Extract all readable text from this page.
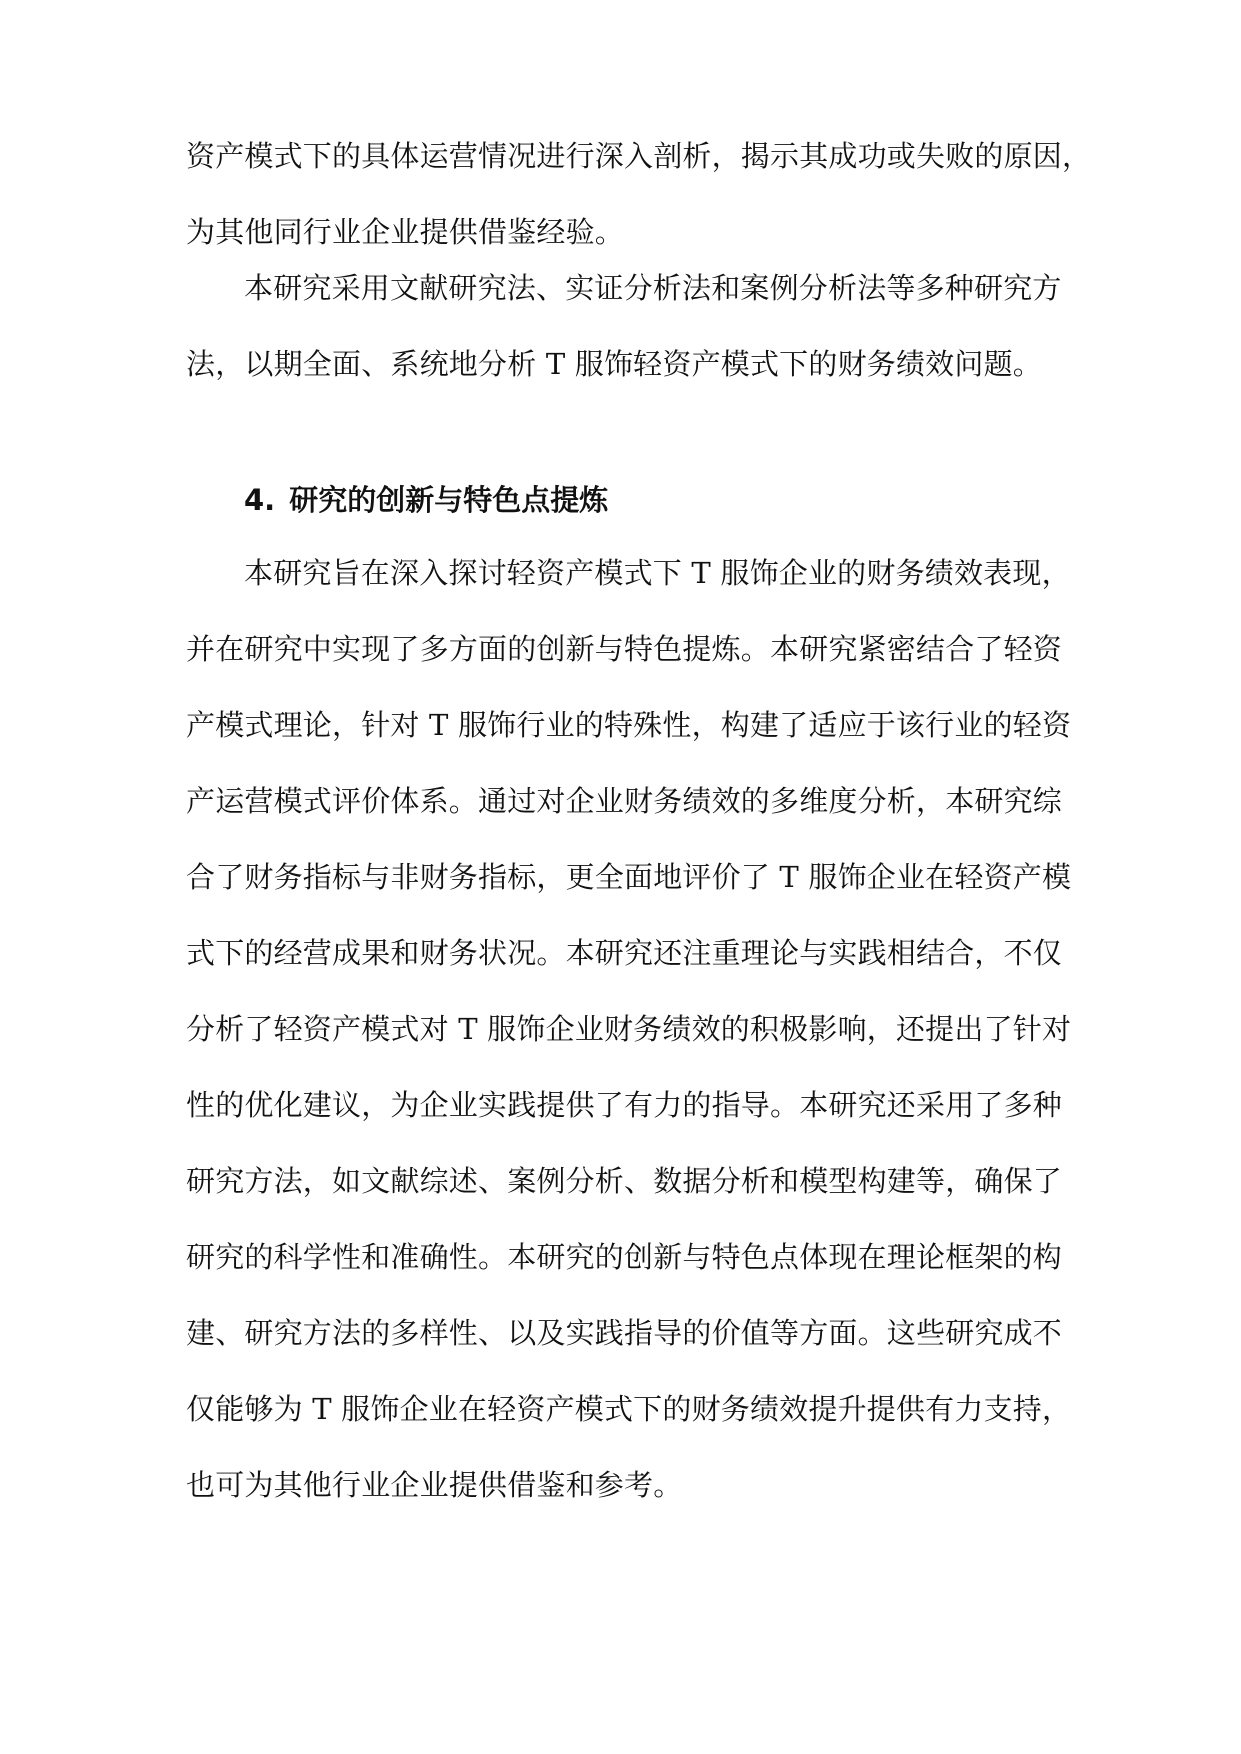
资产模式下的具体运营情况进行深入剖析，揭示其成功或失败的原因，
为其他同行业企业提供借鉴经验。
本研究采用文献研究法、实证分析法和案例分析法等多种研究方
法，以期全面、系统地分析 T 服饰轻资产模式下的财务绩效问题。
4. 研究的创新与特色点提炼
本研究旨在深入探讨轻资产模式下 T 服饰企业的财务绩效表现，
并在研究中实现了多方面的创新与特色提炼。本研究紧密结合了轻资
产模式理论，针对 T 服饰行业的特殊性，构建了适应于该行业的轻资
产运营模式评价体系。通过对企业财务绩效的多维度分析，本研究综
合了财务指标与非财务指标，更全面地评价了 T 服饰企业在轻资产模
式下的经营成果和财务状况。本研究还注重理论与实践相结合，不仅
分析了轻资产模式对 T 服饰企业财务绩效的积极影响，还提出了针对
性的优化建议，为企业实践提供了有力的指导。本研究还采用了多种
研究方法，如文献综述、案例分析、数据分析和模型构建等，确保了
研究的科学性和准确性。本研究的创新与特色点体现在理论框架的构
建、研究方法的多样性、以及实践指导的价值等方面。这些研究成不
仅能够为 T 服饰企业在轻资产模式下的财务绩效提升提供有力支持，
也可为其他行业企业提供借鉴和参考。
